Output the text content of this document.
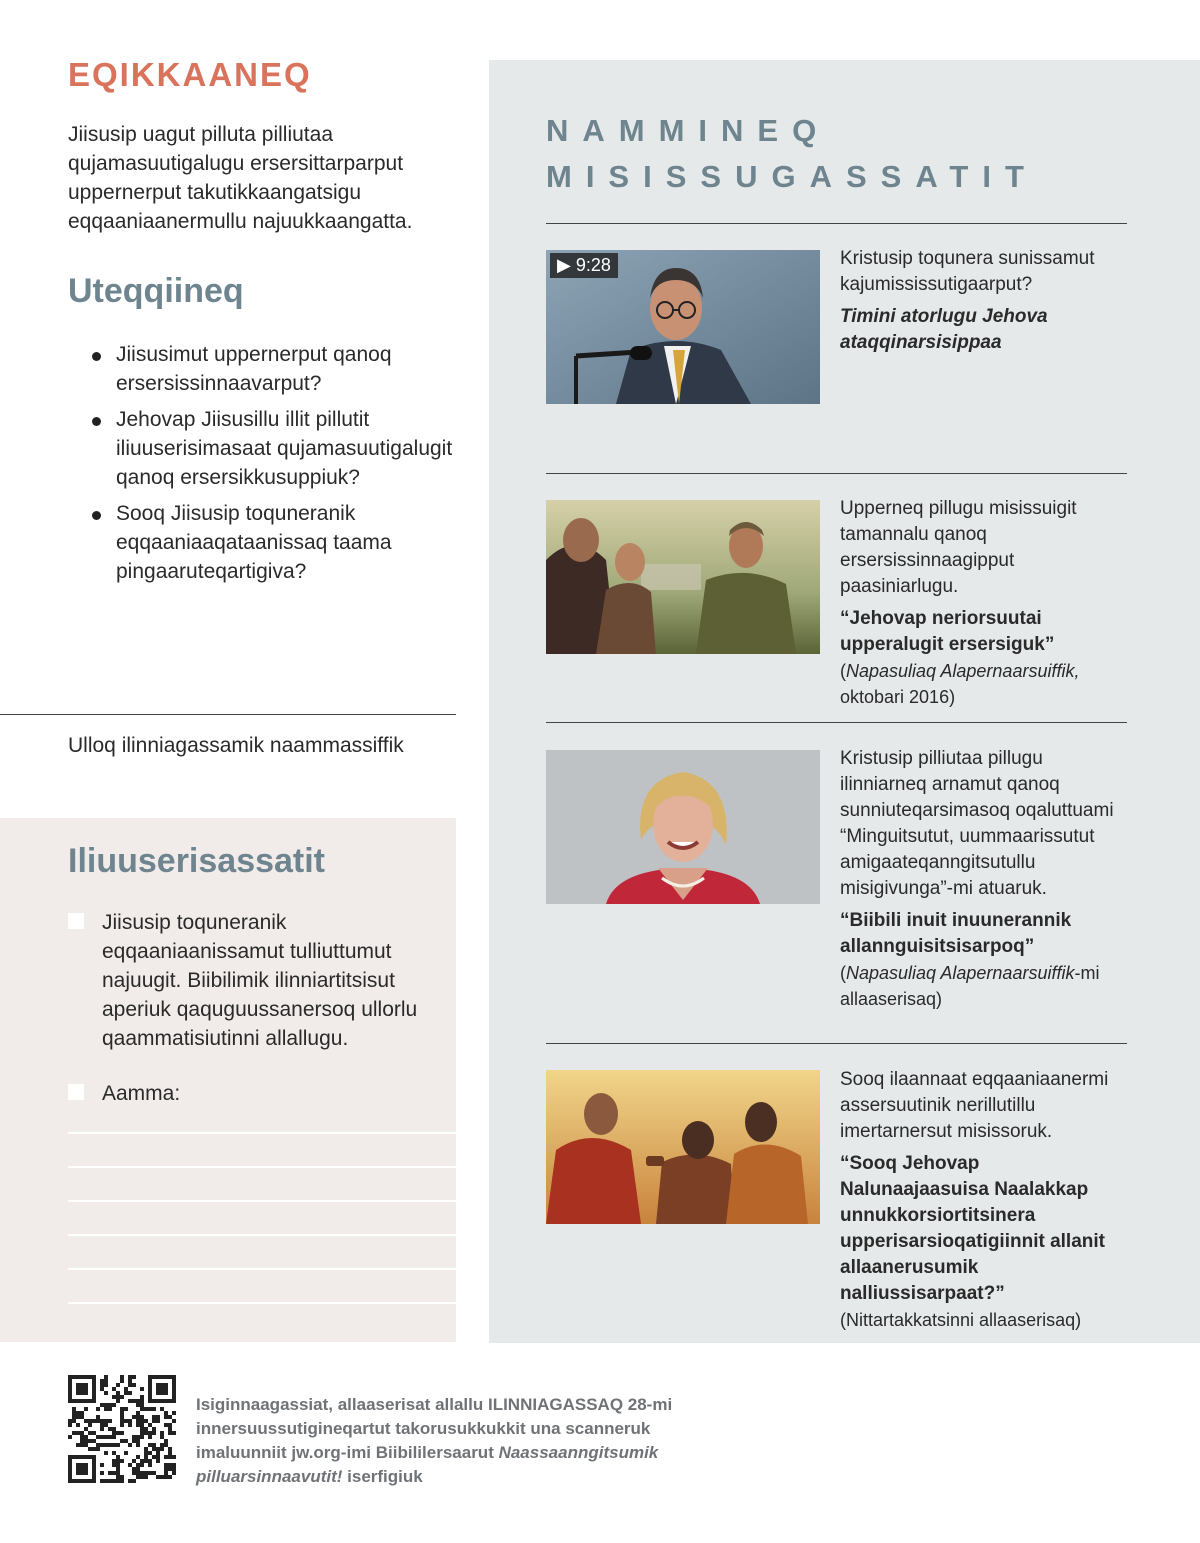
EQIKKAANEQ
Jiisusip uagut pilluta pilliutaa qujamasuutigalugu ersersittarparput uppernerput takutikkaangatsigu eqqaaniaanermullu najuukkaangatta.
Uteqqiineq
Jiisusimut uppernerput qanoq ersersissinnaavarput?
Jehovap Jiisusillu illit pillutit iliuuserisimasaat qujamasuutigalugit qanoq ersersikkusuppiuk?
Sooq Jiisusip toquneranik eqqaaniaaqataanissaq taama pingaaruteqartigiva?
Ulloq ilinniagassamik naammassiffik
Iliuuserisassatit
Jiisusip toquneranik eqqaaniaanissamut tulliuttumut najuugit. Biibilimik ilinniartitsisut aperiuk qaquguussanersoq ullorlu qaammatisiutinni allallugu.
Aamma:
NAMMINEQ
MISISSUGASSATIT
▶ 9:28	Kristusip toqunera sunissamut kajumississutigaarput?
Timini atorlugu Jehova ataqqinarsisippaa
Upperneq pillugu misissuigit tamannalu qanoq ersersissinnaagipput paasiniarlugu.
“Jehovap neriorsuutai upperalugit ersersiguk”
(Napasuliaq Alapernaarsuiffik, oktobari 2016)
Kristusip pilliutaa pillugu ilinniarneq arnamut qanoq sunniuteqarsimasoq oqaluttuami “Minguitsutut, uummaarissutut amigaateqanngitsutullu misigivunga”-mi atuaruk.
“Biibili inuit inuunerannik allannguisitsisarpoq”
(Napasuliaq Alapernaarsuiffik-mi allaaserisaq)
Sooq ilaannaat eqqaaniaanermi assersuutinik nerillutillu imertarnersut misissoruk.
“Sooq Jehovap Nalunaajaasuisa Naalakkap unnukkorsiortitsinera upperisarsioqatigiinnit allanit allaanerusumik nalliussisarpaat?”
(Nittartakkatsinni allaaserisaq)
Isiginnaagassiat, allaaserisat allallu ILINNIAGASSAQ 28-mi innersuussutigineqartut takorusukkukkit una scanneruk imaluunniit jw.org-imi Biibililersaarut Naassaanngitsumik pilluarsinnaavutit! iserfigiuk
